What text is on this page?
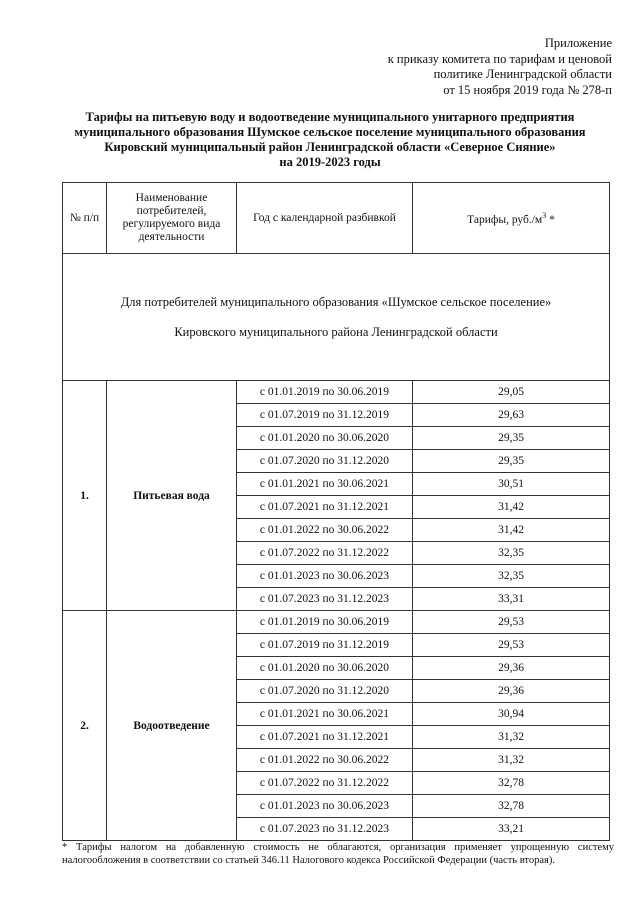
Приложение
к приказу комитета по тарифам и ценовой
политике Ленинградской области
от 15 ноября 2019 года № 278-п
Тарифы на питьевую воду и водоотведение муниципального унитарного предприятия
муниципального образования Шумское сельское поселение муниципального образования
Кировский муниципальный район Ленинградской области «Северное Сияние»
на 2019-2023 годы
№ п/п	Наименование потребителей, регулируемого вида деятельности	Год с календарной разбивкой	Тарифы, $руб./м^3$ *

Для потребителей муниципального образования «Шумское сельское поселение»
Кировского муниципального района Ленинградской области			

1.	Питьевая вода	с 01.01.2019 по 30.06.2019	29,05
		с 01.07.2019 по 31.12.2019	29,63
		с 01.01.2020 по 30.06.2020	29,35
		с 01.07.2020 по 31.12.2020	29,35
		с 01.01.2021 по 30.06.2021	30,51
		с 01.07.2021 по 31.12.2021	31,42
		с 01.01.2022 по 30.06.2022	31,42
		с 01.07.2022 по 31.12.2022	32,35
		с 01.01.2023 по 30.06.2023	32,35
		с 01.07.2023 по 31.12.2023	33,31
2.	Водоотведение	с 01.01.2019 по 30.06.2019	29,53
		с 01.07.2019 по 31.12.2019	29,53
		с 01.01.2020 по 30.06.2020	29,36
		с 01.07.2020 по 31.12.2020	29,36
		с 01.01.2021 по 30.06.2021	30,94
		с 01.07.2021 по 31.12.2021	31,32
		с 01.01.2022 по 30.06.2022	31,32
		с 01.07.2022 по 31.12.2022	32,78
		с 01.01.2023 по 30.06.2023	32,78
		с 01.07.2023 по 31.12.2023	33,21
* Тарифы налогом на добавленную стоимость не облагаются, организация применяет упрощенную систему налогообложения в соответствии со статьей 346.11 Налогового кодекса Российской Федерации (часть вторая).
